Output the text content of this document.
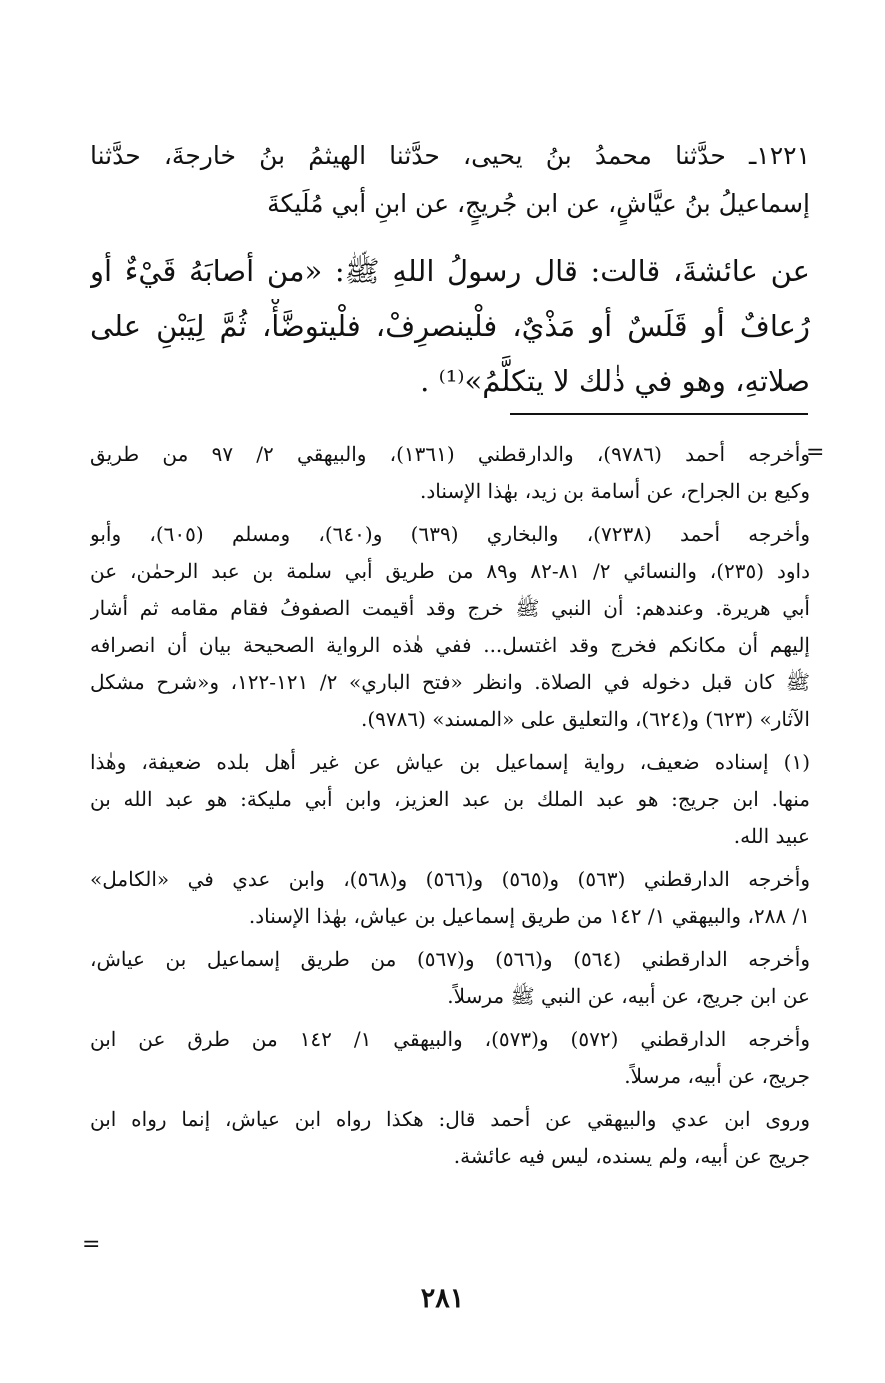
١٢٢١ـ حدَّثنا محمدُ بنُ يحيى، حدَّثنا الهيثمُ بنُ خارجةَ، حدَّثنا
إسماعيلُ بنُ عيَّاشٍ، عن ابن جُريجٍ، عن ابنِ أبي مُلَيكةَ
عن عائشةَ، قالت: قال رسولُ اللهِ ﷺ: «من أصابَهُ قَيْءٌ أو
رُعافٌ أو قَلَسٌ أو مَذْيٌ، فلْينصرِفْ، فلْيتوضَّأْ، ثُمَّ لِيَبْنِ على
صلاتهِ، وهو في ذٰلك لا يتكلَّمُ»⁽¹⁾ .
=
وأخرجه أحمد (٩٧٨٦)، والدارقطني (١٣٦١)، والبيهقي ٢/ ٩٧ من طريق
وكيع بن الجراح، عن أسامة بن زيد، بهٰذا الإسناد.
وأخرجه أحمد (٧٢٣٨)، والبخاري (٦٣٩) و(٦٤٠)، ومسلم (٦٠٥)، وأبو
داود (٢٣٥)، والنسائي ٢/ ٨١-٨٢ و٨٩ من طريق أبي سلمة بن عبد الرحمٰن، عن
أبي هريرة. وعندهم: أن النبي ﷺ خرج وقد أقيمت الصفوفُ فقام مقامه ثم أشار
إليهم أن مكانكم فخرج وقد اغتسل... ففي هٰذه الرواية الصحيحة بيان أن انصرافه
ﷺ كان قبل دخوله في الصلاة. وانظر «فتح الباري» ٢/ ١٢١-١٢٢، و«شرح مشكل
الآثار» (٦٢٣) و(٦٢٤)، والتعليق على «المسند» (٩٧٨٦).
(١) إسناده ضعيف، رواية إسماعيل بن عياش عن غير أهل بلده ضعيفة، وهٰذا
منها. ابن جريج: هو عبد الملك بن عبد العزيز، وابن أبي مليكة: هو عبد الله بن
عبيد الله.
وأخرجه الدارقطني (٥٦٣) و(٥٦٥) و(٥٦٦) و(٥٦٨)، وابن عدي في «الكامل»
١/ ٢٨٨، والبيهقي ١/ ١٤٢ من طريق إسماعيل بن عياش، بهٰذا الإسناد.
وأخرجه الدارقطني (٥٦٤) و(٥٦٦) و(٥٦٧) من طريق إسماعيل بن عياش،
عن ابن جريج، عن أبيه، عن النبي ﷺ مرسلاً.
وأخرجه الدارقطني (٥٧٢) و(٥٧٣)، والبيهقي ١/ ١٤٢ من طرق عن ابن
جريج، عن أبيه، مرسلاً.
وروى ابن عدي والبيهقي عن أحمد قال: هكذا رواه ابن عياش، إنما رواه ابن
جريج عن أبيه، ولم يسنده، ليس فيه عائشة.
=
٢٨١
